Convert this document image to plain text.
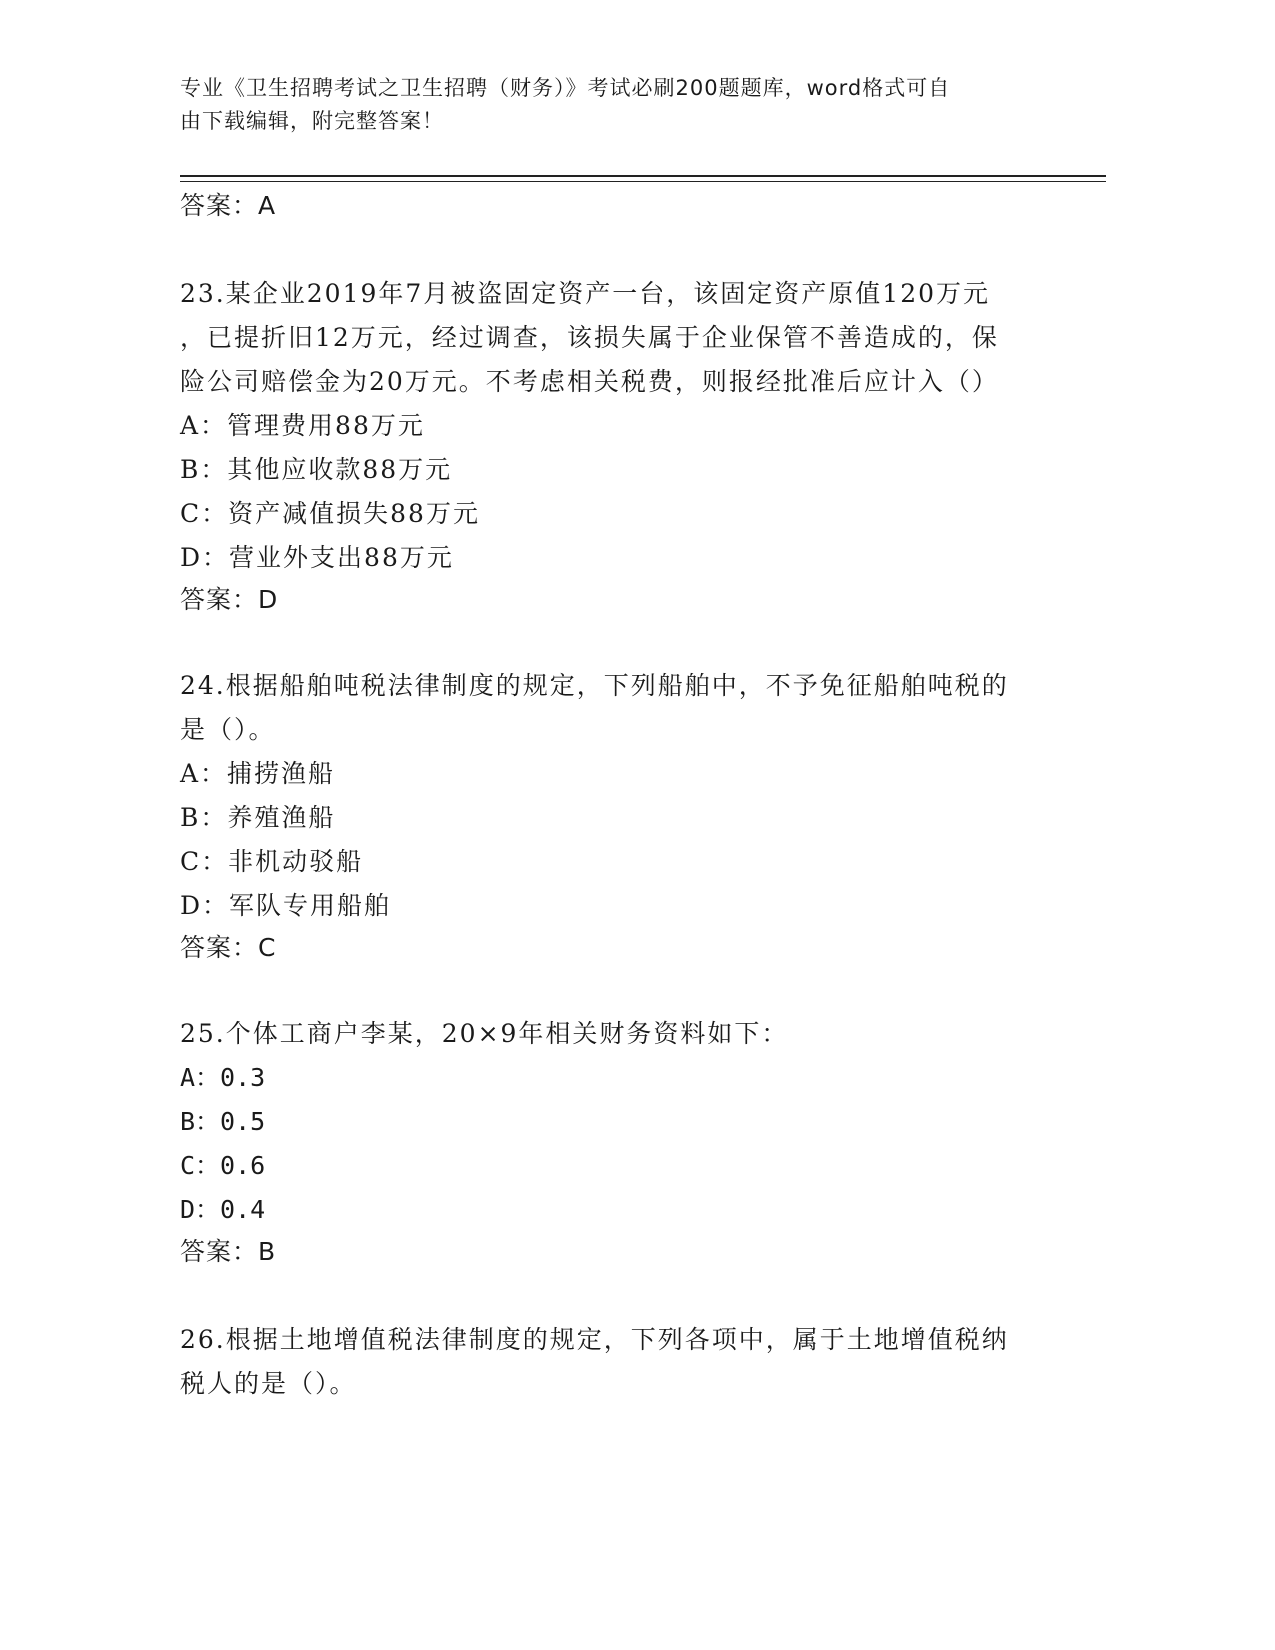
专业《卫生招聘考试之卫生招聘（财务）》考试必刷200题题库，word格式可自
由下载编辑，附完整答案！
答案：A
23.某企业2019年7月被盗固定资产一台，该固定资产原值120万元
，已提折旧12万元，经过调查，该损失属于企业保管不善造成的，保
险公司赔偿金为20万元。不考虑相关税费，则报经批准后应计入（）
A：管理费用88万元
B：其他应收款88万元
C：资产减值损失88万元
D：营业外支出88万元
答案：D
24.根据船舶吨税法律制度的规定，下列船舶中，不予免征船舶吨税的
是（）。
A：捕捞渔船
B：养殖渔船
C：非机动驳船
D：军队专用船舶
答案：C
25.个体工商户李某，20×9年相关财务资料如下：
A：0.3
B：0.5
C：0.6
D：0.4
答案：B
26.根据土地增值税法律制度的规定，下列各项中，属于土地增值税纳
税人的是（）。
